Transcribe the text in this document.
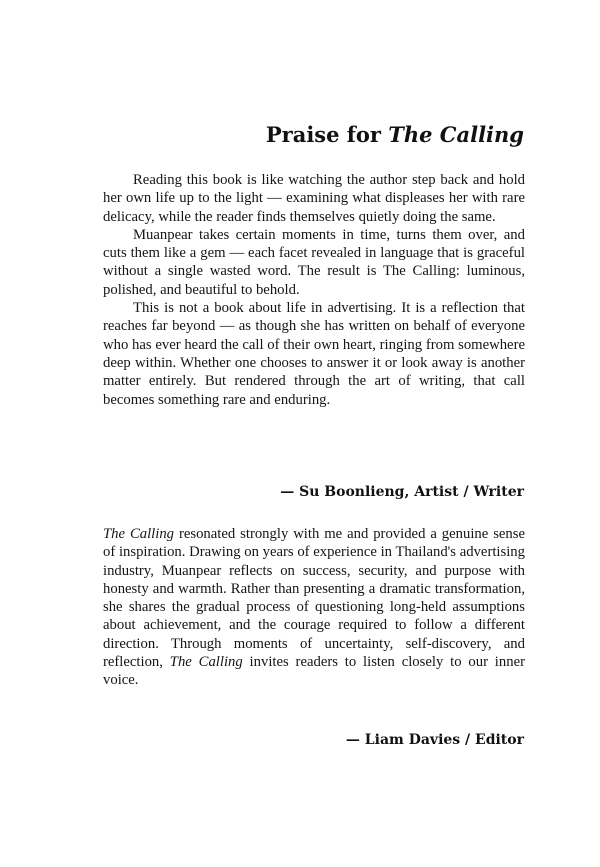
Praise for The Calling

Reading this book is like watching the author step back and hold her own life up to the light — examining what displeases her with rare delicacy, while the reader finds themselves quietly doing the same.

Muanpear takes certain moments in time, turns them over, and cuts them like a gem — each facet revealed in language that is graceful without a single wasted word. The result is The Calling: luminous, polished, and beautiful to behold.

This is not a book about life in advertising. It is a reflection that reaches far beyond — as though she has written on behalf of everyone who has ever heard the call of their own heart, ringing from somewhere deep within. Whether one chooses to answer it or look away is another matter entirely. But rendered through the art of writing, that call becomes something rare and enduring.

— Su Boonlieng, Artist / Writer

The Calling resonated strongly with me and provided a genuine sense of inspiration. Drawing on years of experience in Thailand's advertising industry, Muanpear reflects on success, security, and purpose with honesty and warmth. Rather than presenting a dramatic transformation, she shares the gradual process of questioning long-held assumptions about achievement, and the courage required to follow a different direction. Through moments of uncertainty, self-discovery, and reflection, The Calling invites readers to listen closely to our inner voice.

— Liam Davies / Editor
